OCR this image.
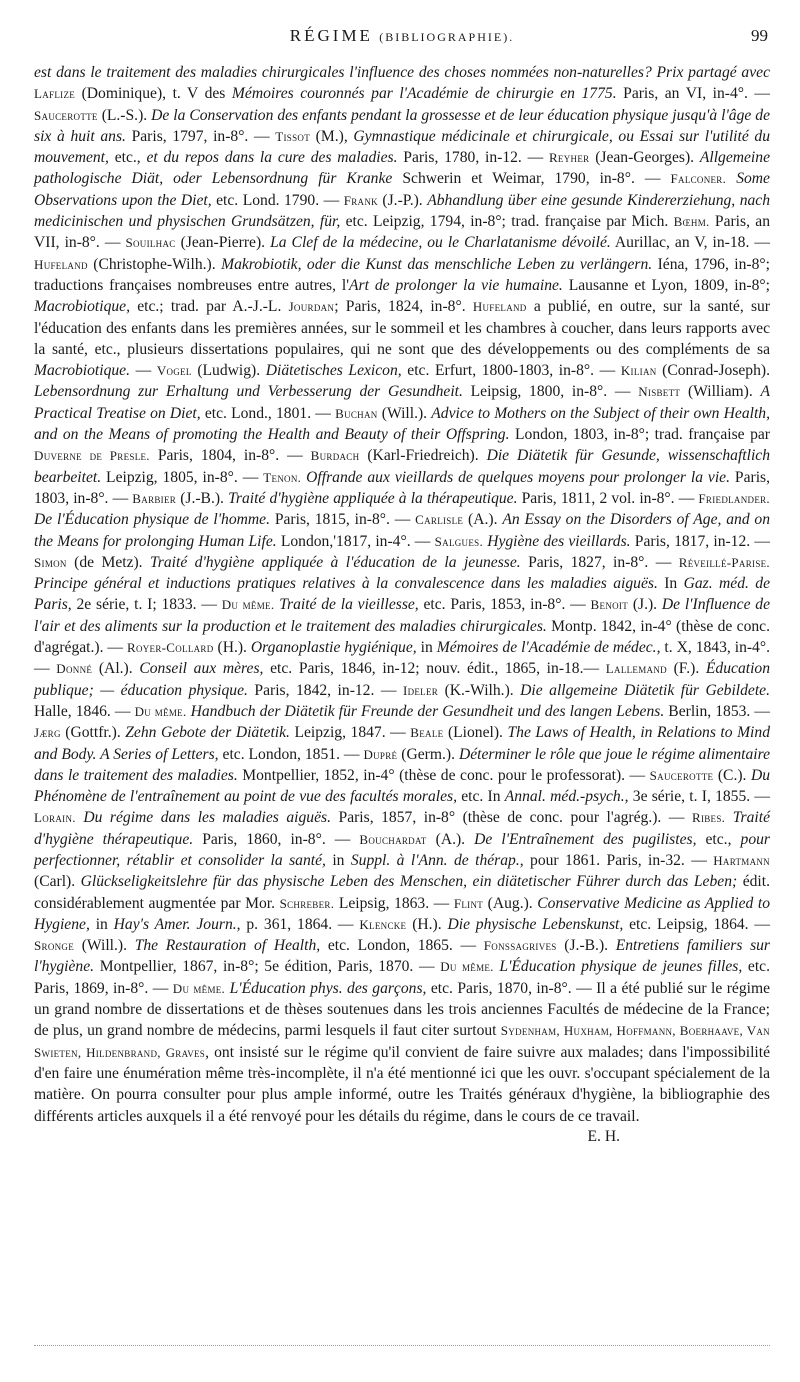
RÉGIME (BIBLIOGRAPHIE).	99

est dans le traitement des maladies chirurgicales l'influence des choses nommées non-naturelles? Prix partagé avec Laflize (Dominique), t. V des Mémoires couronnés par l'Académie de chirurgie en 1775. Paris, an VI, in-4°. — Saucerotte (L.-S.). De la Conservation des enfants pendant la grossesse et de leur éducation physique jusqu'à l'âge de six à huit ans. Paris, 1797, in-8°. — Tissot (M.), Gymnastique médicinale et chirurgicale, ou Essai sur l'utilité du mouvement, etc., et du repos dans la cure des maladies. Paris, 1780, in-12. — Reyher (Jean-Georges). Allgemeine pathologische Diät, oder Lebensordnung für Kranke Schwerin et Weimar, 1790, in-8°. — Falconer. Some Observations upon the Diet, etc. Lond. 1790. — Frank (J.-P.). Abhandlung über eine gesunde Kindererziehung, nach medicinischen und physischen Grundsätzen, für, etc. Leipzig, 1794, in-8°; trad. française par Mich. Bœhm. Paris, an VII, in-8°. — Souilhac (Jean-Pierre). La Clef de la médecine, ou le Charlatanisme dévoilé. Aurillac, an V, in-18. — Hufeland (Christophe-Wilh.). Makrobiotik, oder die Kunst das menschliche Leben zu verlängern. Iéna, 1796, in-8°; traductions françaises nombreuses entre autres, l'Art de prolonger la vie humaine. Lausanne et Lyon, 1809, in-8°; Macrobiotique, etc.; trad. par A.-J.-L. Jourdan; Paris, 1824, in-8°. Hufeland a publié, en outre, sur la santé, sur l'éducation des enfants dans les premières années, sur le sommeil et les chambres à coucher, dans leurs rapports avec la santé, etc., plusieurs dissertations populaires, qui ne sont que des développements ou des compléments de sa Macrobiotique. — Vogel (Ludwig). Diätetisches Lexicon, etc. Erfurt, 1800-1803, in-8°. — Kilian (Conrad-Joseph). Lebensordnung zur Erhaltung und Verbesserung der Gesundheit. Leipsig, 1800, in-8°. — Nisbett (William). A Practical Treatise on Diet, etc. Lond., 1801. — Buchan (Will.). Advice to Mothers on the Subject of their own Health, and on the Means of promoting the Health and Beauty of their Offspring. London, 1803, in-8°; trad. française par Duverne de Presle. Paris, 1804, in-8°. — Burdach (Karl-Friedreich). Die Diätetik für Gesunde, wissenschaftlich bearbeitet. Leipzig, 1805, in-8°. — Tenon. Offrande aux vieillards de quelques moyens pour prolonger la vie. Paris, 1803, in-8°. — Barbier (J.-B.). Traité d'hygiène appliquée à la thérapeutique. Paris, 1811, 2 vol. in-8°. — Friedlander. De l'Éducation physique de l'homme. Paris, 1815, in-8°. — Carlisle (A.). An Essay on the Disorders of Age, and on the Means for prolonging Human Life. London,'1817, in-4°. — Salgues. Hygiène des vieillards. Paris, 1817, in-12. — Simon (de Metz). Traité d'hygiène appliquée à l'éducation de la jeunesse. Paris, 1827, in-8°. — Réveillé-Parise. Principe général et inductions pratiques relatives à la convalescence dans les maladies aiguës. In Gaz. méd. de Paris, 2e série, t. I; 1833. — Du même. Traité de la vieillesse, etc. Paris, 1853, in-8°. — Benoit (J.). De l'Influence de l'air et des aliments sur la production et le traitement des maladies chirurgicales. Montp. 1842, in-4° (thèse de conc. d'agrégat.). — Royer-Collard (H.). Organoplastie hygiénique, in Mémoires de l'Académie de médec., t. X, 1843, in-4°. — Donné (Al.). Conseil aux mères, etc. Paris, 1846, in-12; nouv. édit., 1865, in-18.— Lallemand (F.). Éducation publique; — éducation physique. Paris, 1842, in-12. — Ideler (K.-Wilh.). Die allgemeine Diätetik für Gebildete. Halle, 1846. — Du même. Handbuch der Diätetik für Freunde der Gesundheit und des langen Lebens. Berlin, 1853. — Jærg (Gottfr.). Zehn Gebote der Diätetik. Leipzig, 1847. — Beale (Lionel). The Laws of Health, in Relations to Mind and Body. A Series of Letters, etc. London, 1851. — Dupré (Germ.). Déterminer le rôle que joue le régime alimentaire dans le traitement des maladies. Montpellier, 1852, in-4° (thèse de conc. pour le professorat). — Saucerotte (C.). Du Phénomène de l'entraînement au point de vue des facultés morales, etc. In Annal. méd.-psych., 3e série, t. I, 1855. — Lorain. Du régime dans les maladies aiguës. Paris, 1857, in-8° (thèse de conc. pour l'agrég.). — Ribes. Traité d'hygiène thérapeutique. Paris, 1860, in-8°. — Bouchardat (A.). De l'Entraînement des pugilistes, etc., pour perfectionner, rétablir et consolider la santé, in Suppl. à l'Ann. de thérap., pour 1861. Paris, in-32. — Hartmann (Carl). Glückseligkeitslehre für das physische Leben des Menschen, ein diätetischer Führer durch das Leben; édit. considérablement augmentée par Mor. Schreber. Leipsig, 1863. — Flint (Aug.). Conservative Medicine as Applied to Hygiene, in Hay's Amer. Journ., p. 361, 1864. — Klencke (H.). Die physische Lebenskunst, etc. Leipsig, 1864. — Sronge (Will.). The Restauration of Health, etc. London, 1865. — Fonssagrives (J.-B.). Entretiens familiers sur l'hygiène. Montpellier, 1867, in-8°; 5e édition, Paris, 1870. — Du même. L'Éducation physique de jeunes filles, etc. Paris, 1869, in-8°. — Du même. L'Éducation phys. des garçons, etc. Paris, 1870, in-8°. — Il a été publié sur le régime un grand nombre de dissertations et de thèses soutenues dans les trois anciennes Facultés de médecine de la France; de plus, un grand nombre de médecins, parmi lesquels il faut citer surtout Sydenham, Huxham, Hoffmann, Boerhaave, Van Swieten, Hildenbrand, Graves, ont insisté sur le régime qu'il convient de faire suivre aux malades; dans l'impossibilité d'en faire une énumération même très-incomplète, il n'a été mentionné ici que les ouvr. s'occupant spécialement de la matière. On pourra consulter pour plus ample informé, outre les Traités généraux d'hygiène, la bibliographie des différents articles auxquels il a été renvoyé pour les détails du régime, dans le cours de ce travail.

E. H.
